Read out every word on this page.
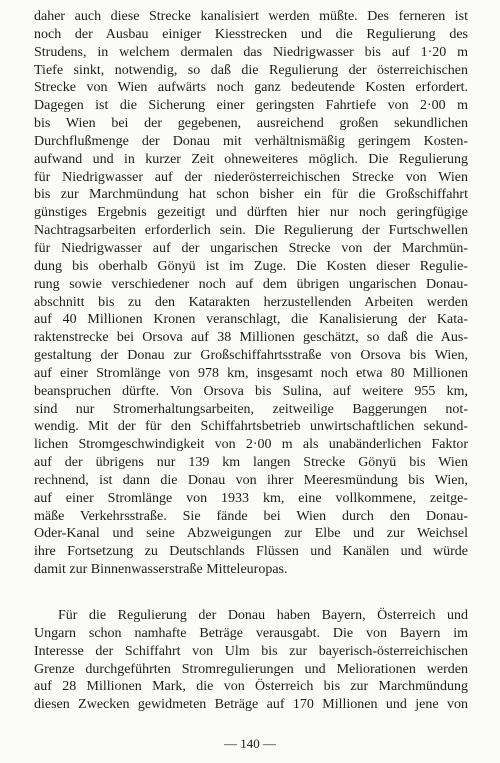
daher auch diese Strecke kanalisiert werden müßte. Des ferneren ist
noch der Ausbau einiger Kiesstrecken und die Regulierung des
Strudens, in welchem dermalen das Niedrigwasser bis auf 1·20 m
Tiefe sinkt, notwendig, so daß die Regulierung der österreichischen
Strecke von Wien aufwärts noch ganz bedeutende Kosten erfordert.
Dagegen ist die Sicherung einer geringsten Fahrtiefe von 2·00 m
bis Wien bei der gegebenen, ausreichend großen sekundlichen
Durchflußmenge der Donau mit verhältnismäßig geringem Kosten-
aufwand und in kurzer Zeit ohneweiteres möglich. Die Regulierung
für Niedrigwasser auf der niederösterreichischen Strecke von Wien
bis zur Marchmündung hat schon bisher ein für die Großschiffahrt
günstiges Ergebnis gezeitigt und dürften hier nur noch geringfügige
Nachtragsarbeiten erforderlich sein. Die Regulierung der Furtschwellen
für Niedrigwasser auf der ungarischen Strecke von der Marchmün-
dung bis oberhalb Gönyü ist im Zuge. Die Kosten dieser Regulie-
rung sowie verschiedener noch auf dem übrigen ungarischen Donau-
abschnitt bis zu den Katarakten herzustellenden Arbeiten werden
auf 40 Millionen Kronen veranschlagt, die Kanalisierung der Kata-
raktenstrecke bei Orsova auf 38 Millionen geschätzt, so daß die Aus-
gestaltung der Donau zur Großschiffahrtsstraße von Orsova bis Wien,
auf einer Stromlänge von 978 km, insgesamt noch etwa 80 Millionen
beanspruchen dürfte. Von Orsova bis Sulina, auf weitere 955 km,
sind nur Stromerhaltungsarbeiten, zeitweilige Baggerungen not-
wendig. Mit der für den Schiffahrtsbetrieb unwirtschaftlichen sekund-
lichen Stromgeschwindigkeit von 2·00 m als unabänderlichen Faktor
auf der übrigens nur 139 km langen Strecke Gönyü bis Wien
rechnend, ist dann die Donau von ihrer Meeresmündung bis Wien,
auf einer Stromlänge von 1933 km, eine vollkommene, zeitge-
mäße Verkehrsstraße. Sie fände bei Wien durch den Donau-
Oder-Kanal und seine Abzweigungen zur Elbe und zur Weichsel
ihre Fortsetzung zu Deutschlands Flüssen und Kanälen und würde
damit zur Binnenwasserstraße Mitteleuropas.
Für die Regulierung der Donau haben Bayern, Österreich und
Ungarn schon namhafte Beträge verausgabt. Die von Bayern im
Interesse der Schiffahrt von Ulm bis zur bayerisch-österreichischen
Grenze durchgeführten Stromregulierungen und Meliorationen werden
auf 28 Millionen Mark, die von Österreich bis zur Marchmündung
diesen Zwecken gewidmeten Beträge auf 170 Millionen und jene von
— 140 —
